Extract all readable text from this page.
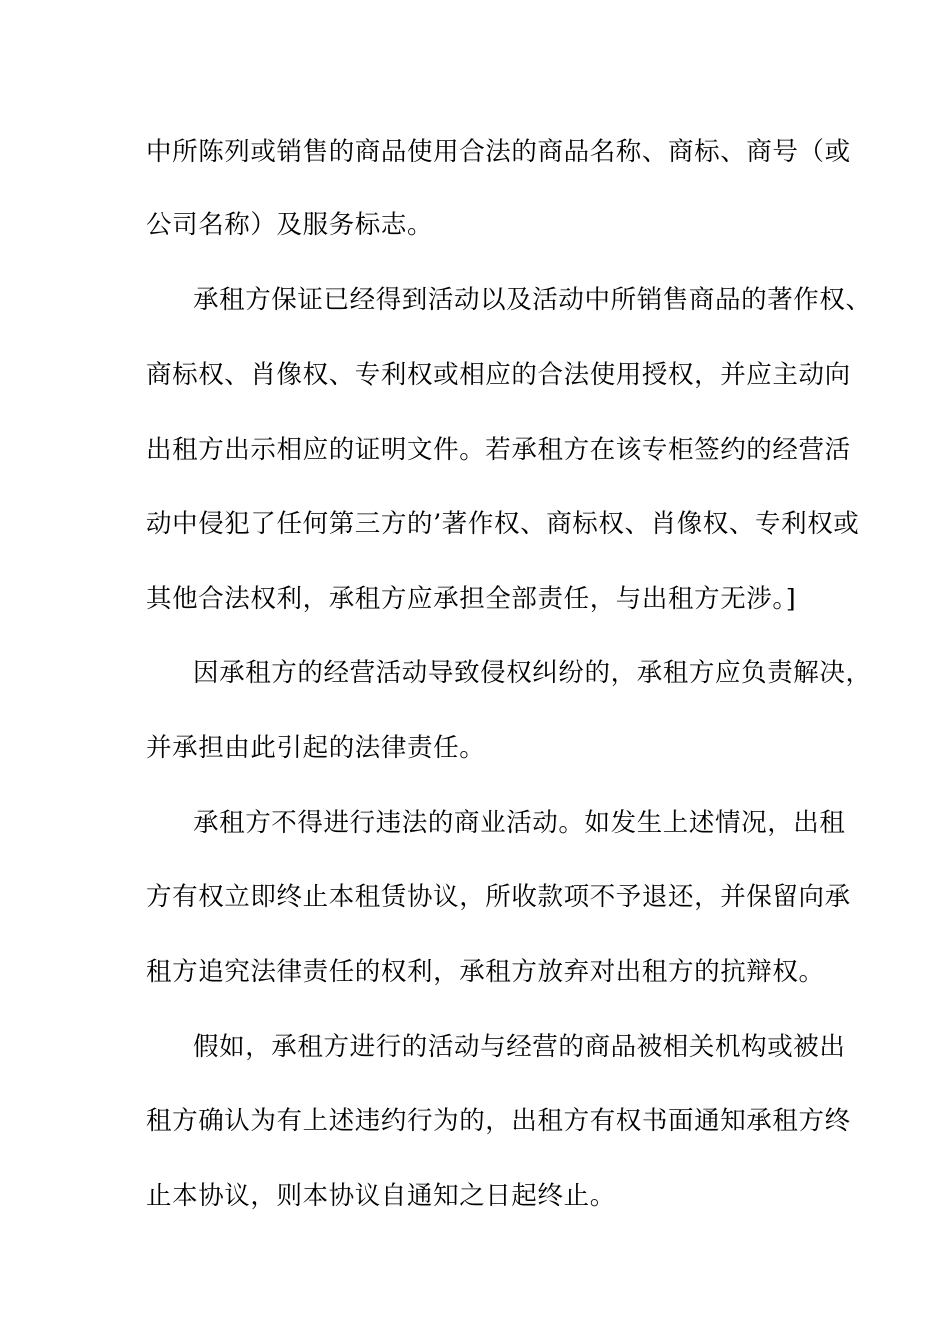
中所陈列或销售的商品使用合法的商品名称、商标、商号（或
公司名称）及服务标志。
承租方保证已经得到活动以及活动中所销售商品的著作权、
商标权、肖像权、专利权或相应的合法使用授权，并应主动向
出租方出示相应的证明文件。若承租方在该专柜签约的经营活
动中侵犯了任何第三方的’著作权、商标权、肖像权、专利权或
其他合法权利，承租方应承担全部责任，与出租方无涉。]
因承租方的经营活动导致侵权纠纷的，承租方应负责解决，
并承担由此引起的法律责任。
承租方不得进行违法的商业活动。如发生上述情况，出租
方有权立即终止本租赁协议，所收款项不予退还，并保留向承
租方追究法律责任的权利，承租方放弃对出租方的抗辩权。
假如，承租方进行的活动与经营的商品被相关机构或被出
租方确认为有上述违约行为的，出租方有权书面通知承租方终
止本协议，则本协议自通知之日起终止。
